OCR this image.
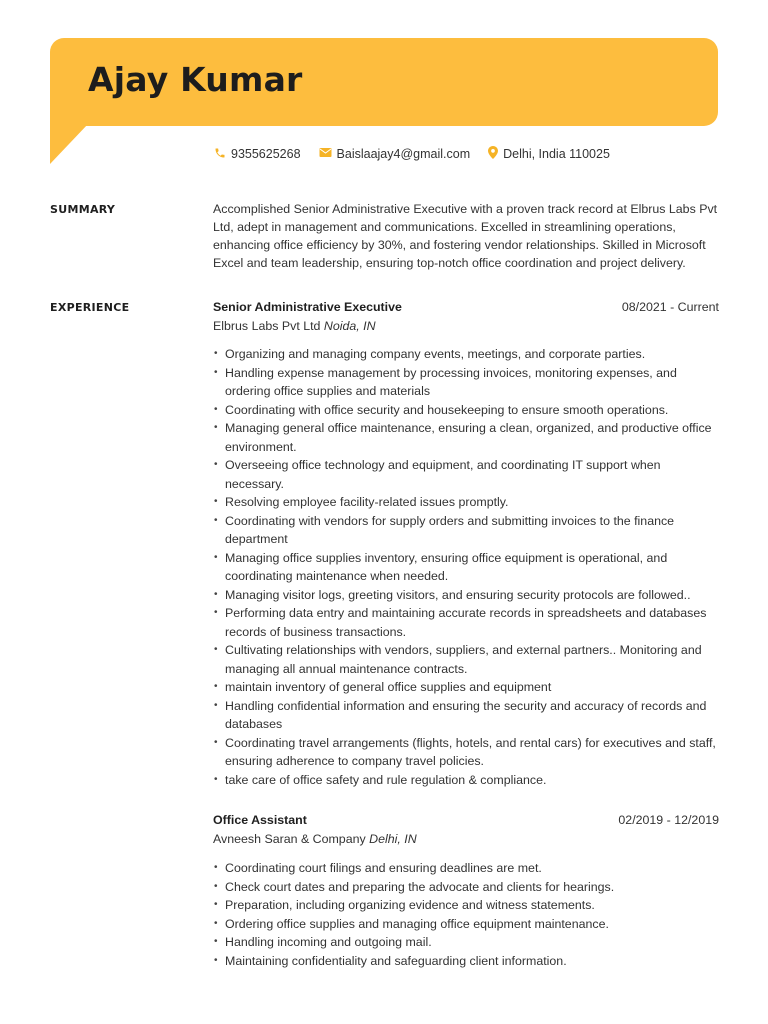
Ajay Kumar
9355625268	Baislaajay4@gmail.com	Delhi, India 110025
SUMMARY	Accomplished Senior Administrative Executive with a proven track record at Elbrus Labs Pvt Ltd, adept in management and communications. Excelled in streamlining operations, enhancing office efficiency by 30%, and fostering vendor relationships. Skilled in Microsoft Excel and team leadership, ensuring top-notch office coordination and project delivery.

EXPERIENCE	Senior Administrative Executive	08/2021 - Current
Elbrus Labs Pvt Ltd Noida, IN
• Organizing and managing company events, meetings, and corporate parties.
• Handling expense management by processing invoices, monitoring expenses, and ordering office supplies and materials
• Coordinating with office security and housekeeping to ensure smooth operations.
• Managing general office maintenance, ensuring a clean, organized, and productive office environment.
• Overseeing office technology and equipment, and coordinating IT support when necessary.
• Resolving employee facility-related issues promptly.
• Coordinating with vendors for supply orders and submitting invoices to the finance department
• Managing office supplies inventory, ensuring office equipment is operational, and coordinating maintenance when needed.
• Managing visitor logs, greeting visitors, and ensuring security protocols are followed..
• Performing data entry and maintaining accurate records in spreadsheets and databases records of business transactions.
• Cultivating relationships with vendors, suppliers, and external partners.. Monitoring and managing all annual maintenance contracts.
• maintain inventory of general office supplies and equipment
• Handling confidential information and ensuring the security and accuracy of records and databases
• Coordinating travel arrangements (flights, hotels, and rental cars) for executives and staff, ensuring adherence to company travel policies.
• take care of office safety and rule regulation & compliance.
Office Assistant	02/2019 - 12/2019
Avneesh Saran & Company Delhi, IN
• Coordinating court filings and ensuring deadlines are met.
• Check court dates and preparing the advocate and clients for hearings.
• Preparation, including organizing evidence and witness statements.
• Ordering office supplies and managing office equipment maintenance.
• Handling incoming and outgoing mail.
• Maintaining confidentiality and safeguarding client information.
